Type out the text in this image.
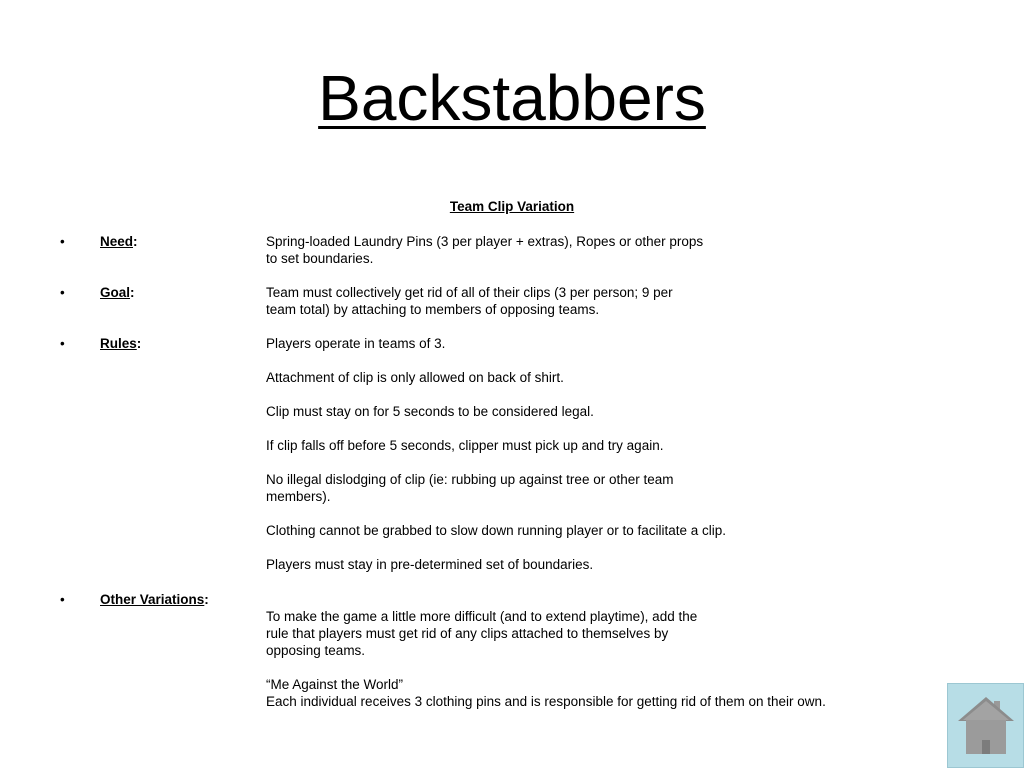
Backstabbers
Team Clip Variation
•	Need:	Spring-loaded Laundry Pins (3 per player + extras), Ropes or other props
to set boundaries.
•	Goal:	Team must collectively get rid of all of their clips (3 per person; 9 per
team total) by attaching to members of opposing teams.
•	Rules:	Players operate in teams of 3.
Attachment of clip is only allowed on back of shirt.
Clip must stay on for 5 seconds to be considered legal.
If clip falls off before 5 seconds, clipper must pick up and try again.
No illegal dislodging of clip (ie: rubbing up against tree or other team
members).
Clothing cannot be grabbed to slow down running player or to facilitate a clip.
Players must stay in pre-determined set of boundaries.
•	Other Variations:
To make the game a little more difficult (and to extend playtime), add the
rule that players must get rid of any clips attached to themselves by
opposing teams.
“Me Against the World”
Each individual receives 3 clothing pins and is responsible for getting rid of them on their own.
